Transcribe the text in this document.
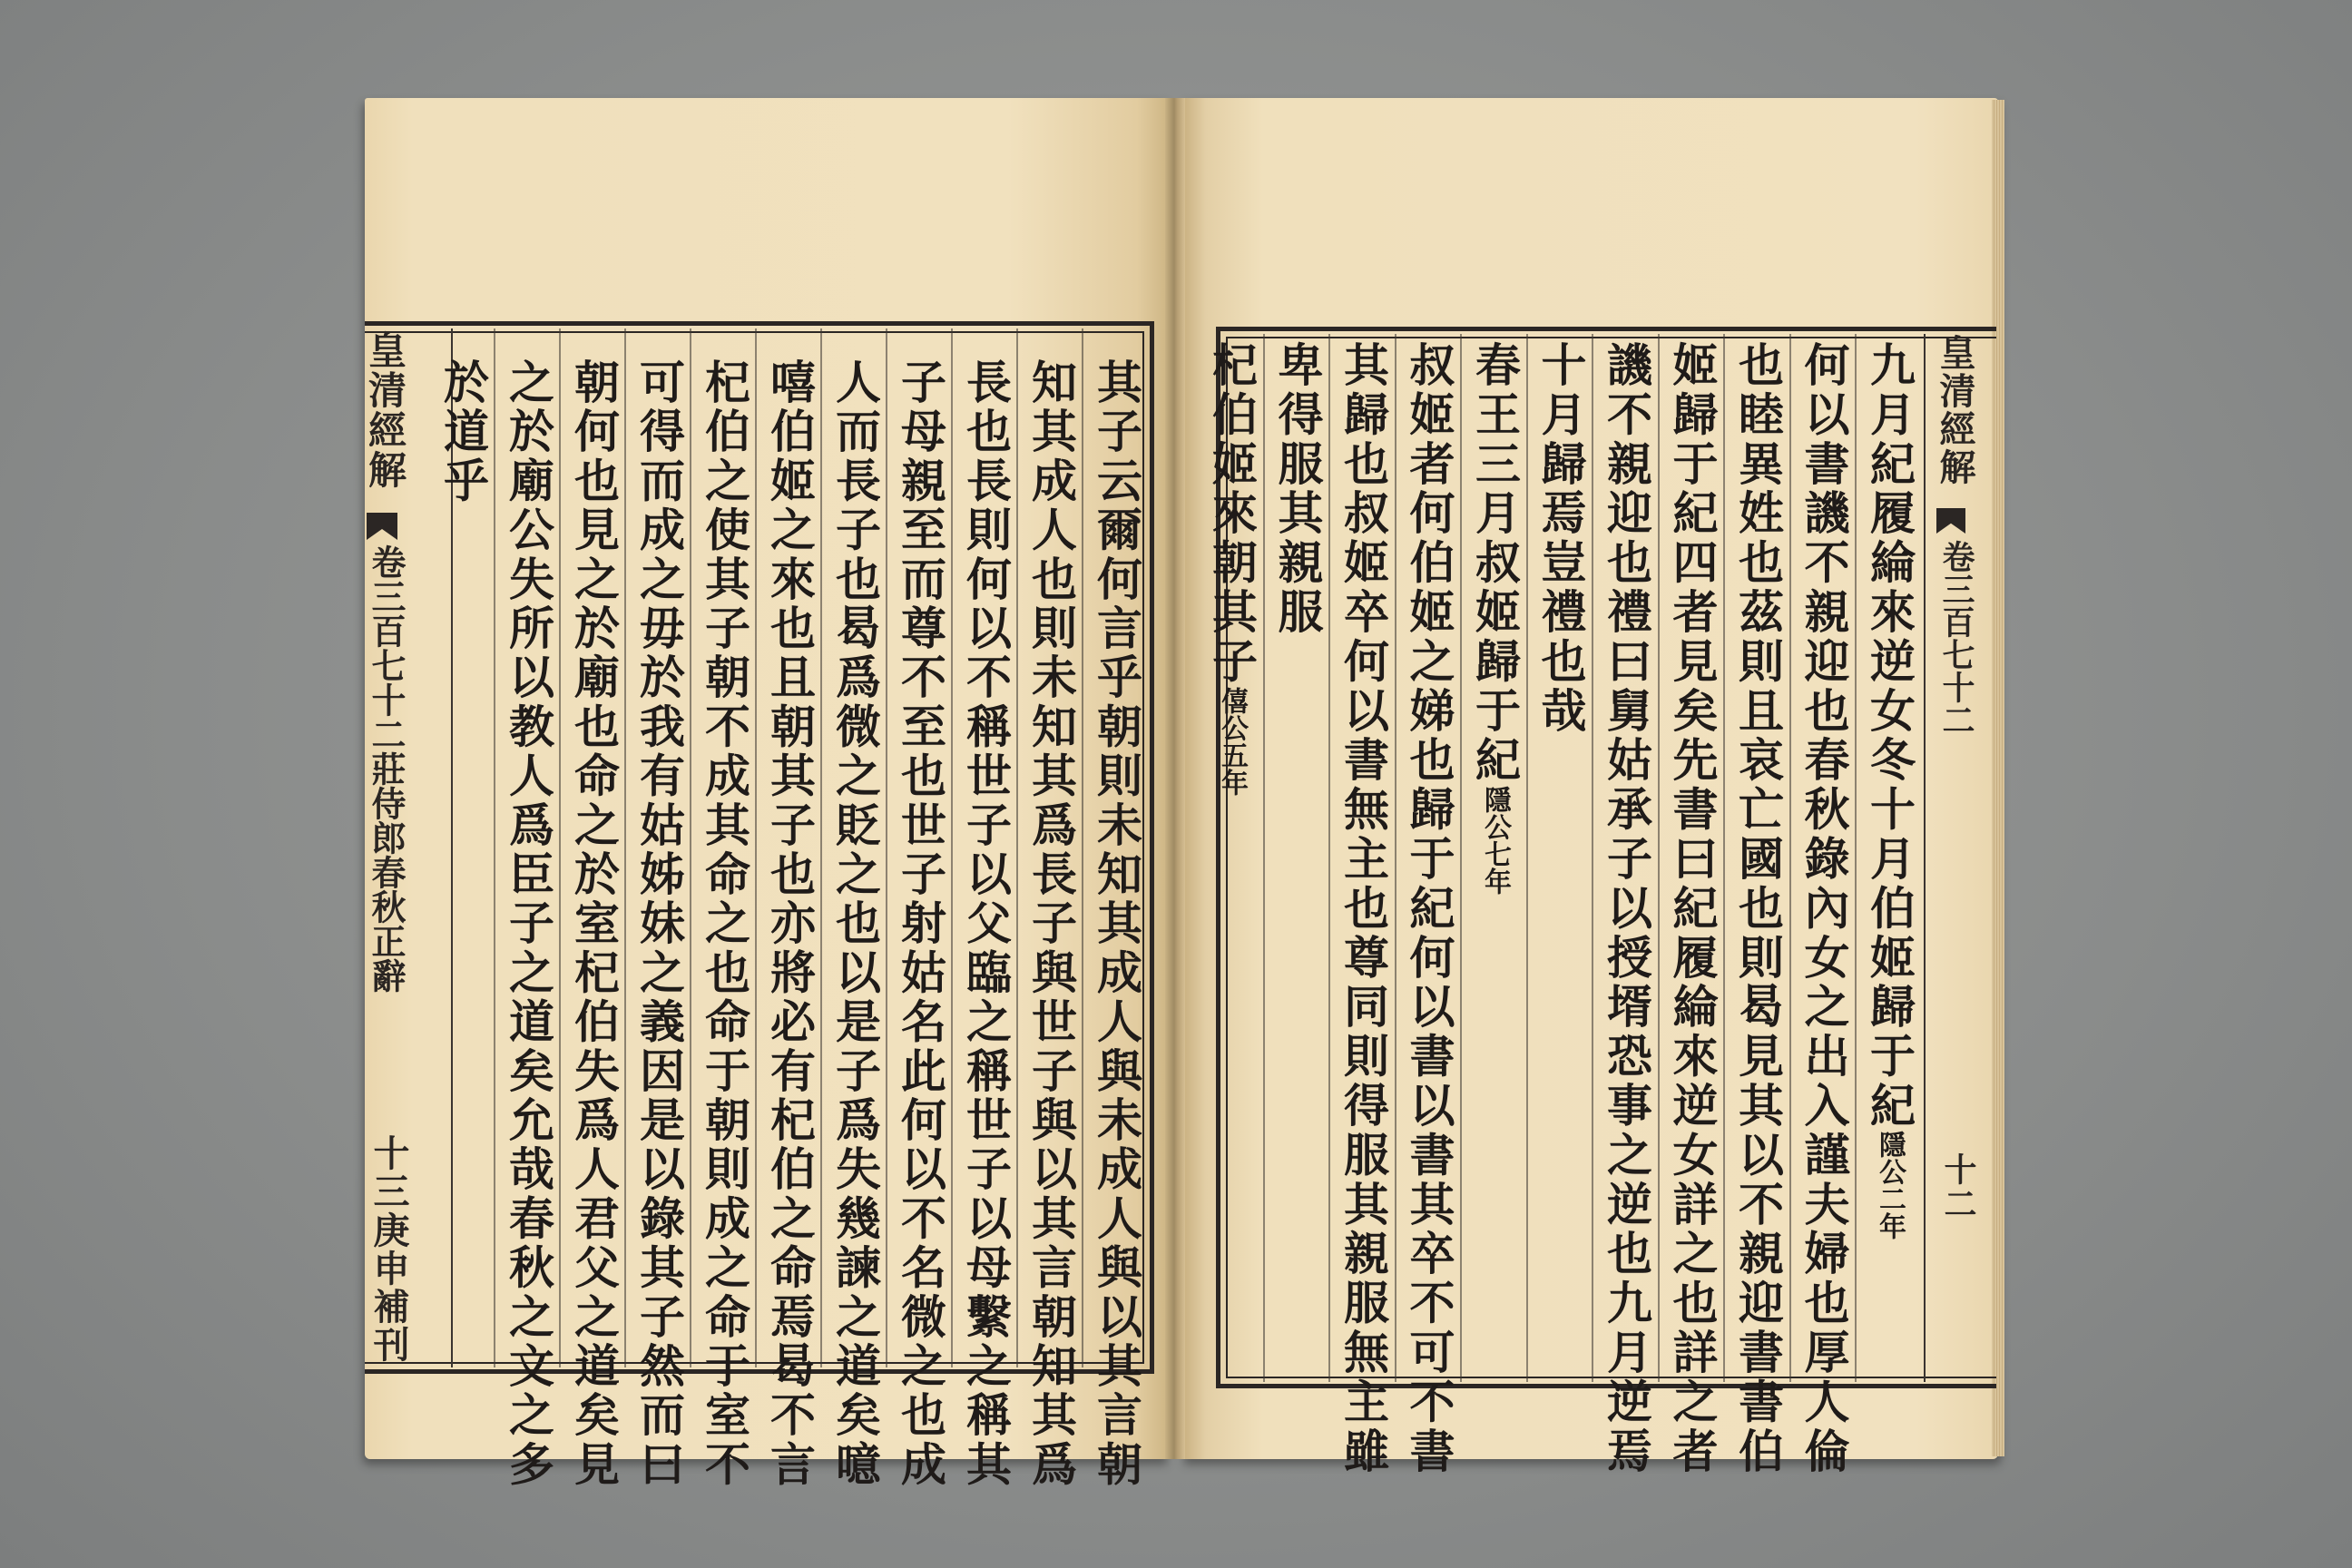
皇清經解
卷三百七十二莊侍郎春秋正辭
十三
庚申補刊
皇清經解
卷三百七十二
十二
其子云爾何言乎朝則未知其成人與未成人與以其言朝
知其成人也則未知其爲長子與世子與以其言朝知其爲
長也長則何以不稱世子以父臨之稱世子以母繫之稱其
子母親至而尊不至也世子射姑名此何以不名微之也成
人而長子也曷爲微之貶之也以是子爲失幾諫之道矣噫
嘻伯姬之來也且朝其子也亦將必有杞伯之命焉曷不言
杞伯之使其子朝不成其命之也命于朝則成之命于室不
可得而成之毋於我有姑姊妹之義因是以錄其子然而曰
朝何也見之於廟也命之於室杞伯失爲人君父之道矣見
之於廟公失所以教人爲臣子之道矣允哉春秋之文之多
於道乎	九月紀履綸來逆女冬十月伯姬歸于紀隱公二年
何以書譏不親迎也春秋錄內女之出入謹夫婦也厚人倫
也睦異姓也茲則且哀亡國也則曷見其以不親迎書書伯
姬歸于紀四者見矣先書曰紀履綸來逆女詳之也詳之者
譏不親迎也禮曰舅姑承子以授壻恐事之逆也九月逆焉
十月歸焉豈禮也哉
春王三月叔姬歸于紀隱公七年
叔姬者何伯姬之娣也歸于紀何以書以書其卒不可不書
其歸也叔姬卒何以書無主也尊同則得服其親服無主雖
卑得服其親服
杞伯姬來朝其子僖公五年
